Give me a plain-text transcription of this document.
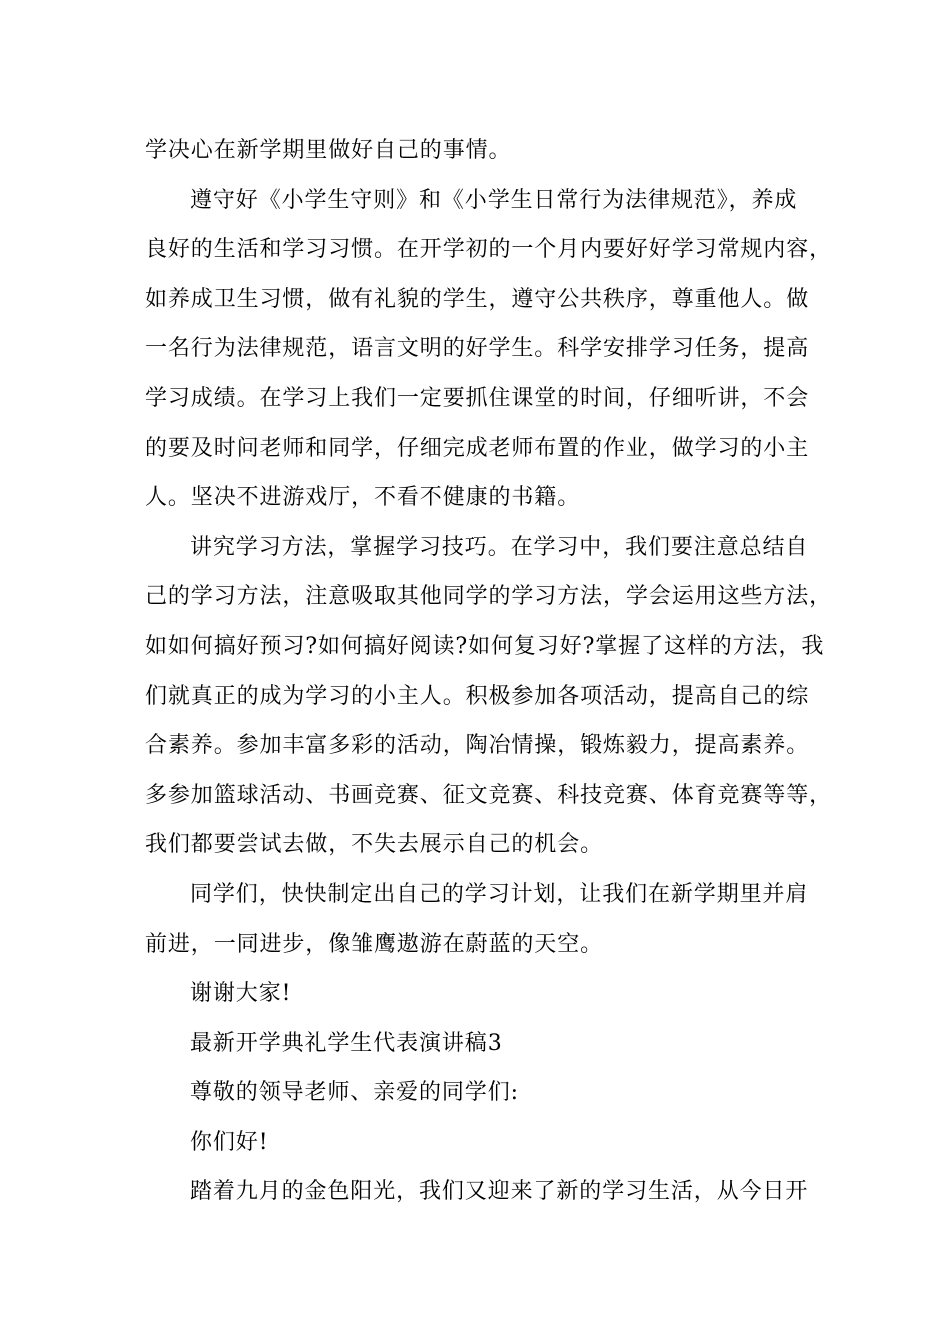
学决心在新学期里做好自己的事情。
遵守好《小学生守则》和《小学生日常行为法律规范》，养成
良好的生活和学习习惯。在开学初的一个月内要好好学习常规内容，
如养成卫生习惯，做有礼貌的学生，遵守公共秩序，尊重他人。做
一名行为法律规范，语言文明的好学生。科学安排学习任务，提高
学习成绩。在学习上我们一定要抓住课堂的时间，仔细听讲，不会
的要及时问老师和同学，仔细完成老师布置的作业，做学习的小主
人。坚决不进游戏厅，不看不健康的书籍。
讲究学习方法，掌握学习技巧。在学习中，我们要注意总结自
己的学习方法，注意吸取其他同学的学习方法，学会运用这些方法，
如如何搞好预习?如何搞好阅读?如何复习好?掌握了这样的方法，我
们就真正的成为学习的小主人。积极参加各项活动，提高自己的综
合素养。参加丰富多彩的活动，陶冶情操，锻炼毅力，提高素养。
多参加篮球活动、书画竞赛、征文竞赛、科技竞赛、体育竞赛等等，
我们都要尝试去做，不失去展示自己的机会。
同学们，快快制定出自己的学习计划，让我们在新学期里并肩
前进，一同进步，像雏鹰遨游在蔚蓝的天空。
谢谢大家!
最新开学典礼学生代表演讲稿3
尊敬的领导老师、亲爱的同学们:
你们好!
踏着九月的金色阳光，我们又迎来了新的学习生活，从今日开
